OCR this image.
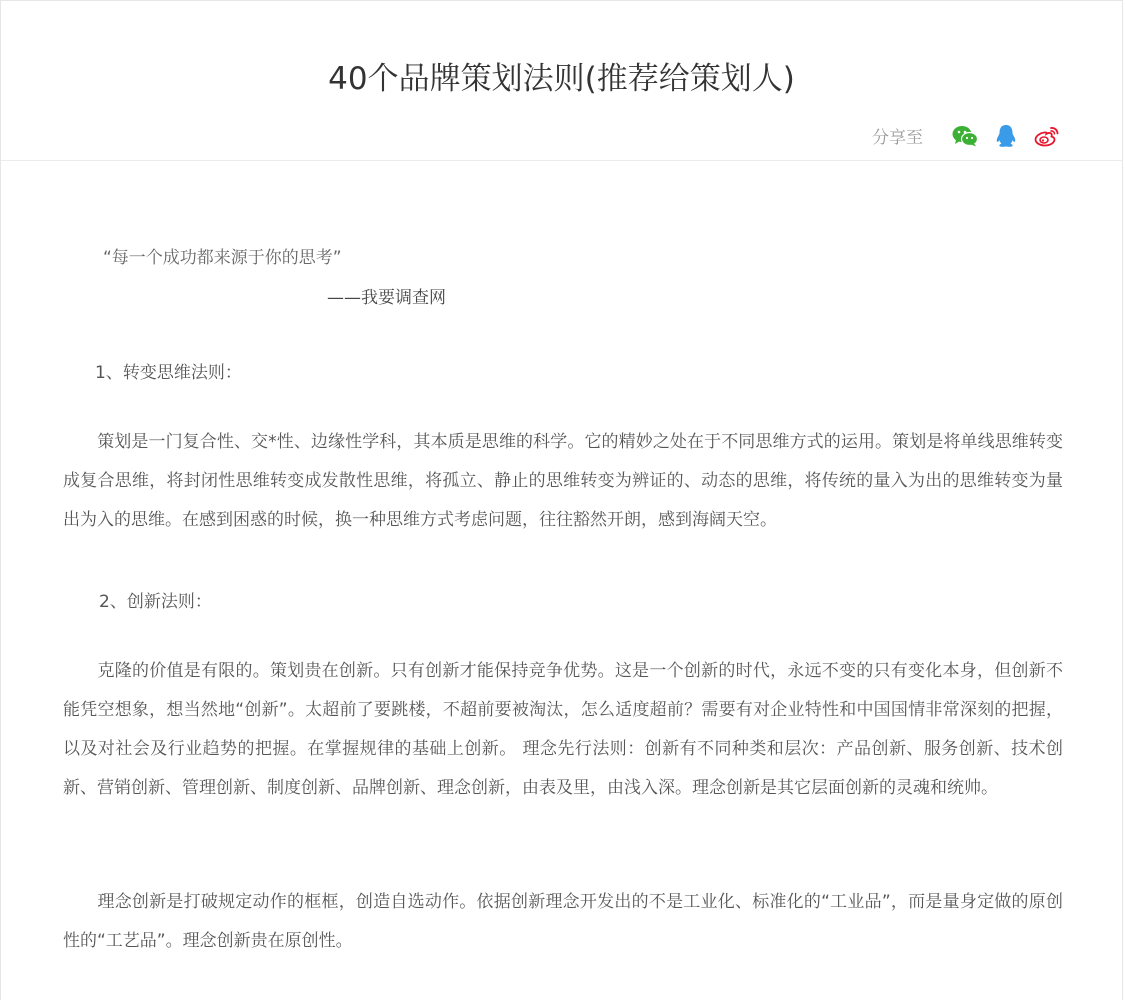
40个品牌策划法则(推荐给策划人)
分享至
“每一个成功都来源于你的思考”
——我要调查网
1、转变思维法则：

　　策划是一门复合性、交*性、边缘性学科，其本质是思维的科学。它的精妙之处在于不同思维方式的运用。策划是将单线思维转变成复合思维，将封闭性思维转变成发散性思维，将孤立、静止的思维转变为辨证的、动态的思维，将传统的量入为出的思维转变为量出为入的思维。在感到困惑的时候，换一种思维方式考虑问题，往往豁然开朗，感到海阔天空。

2、创新法则：

　　克隆的价值是有限的。策划贵在创新。只有创新才能保持竞争优势。这是一个创新的时代，永远不变的只有变化本身，但创新不能凭空想象，想当然地“创新”。太超前了要跳楼，不超前要被淘汰，怎么适度超前？需要有对企业特性和中国国情非常深刻的把握，以及对社会及行业趋势的把握。在掌握规律的基础上创新。 理念先行法则：创新有不同种类和层次：产品创新、服务创新、技术创新、营销创新、管理创新、制度创新、品牌创新、理念创新，由表及里，由浅入深。理念创新是其它层面创新的灵魂和统帅。

　　理念创新是打破规定动作的框框，创造自选动作。依据创新理念开发出的不是工业化、标准化的“工业品”，而是量身定做的原创性的“工艺品”。理念创新贵在原创性。
